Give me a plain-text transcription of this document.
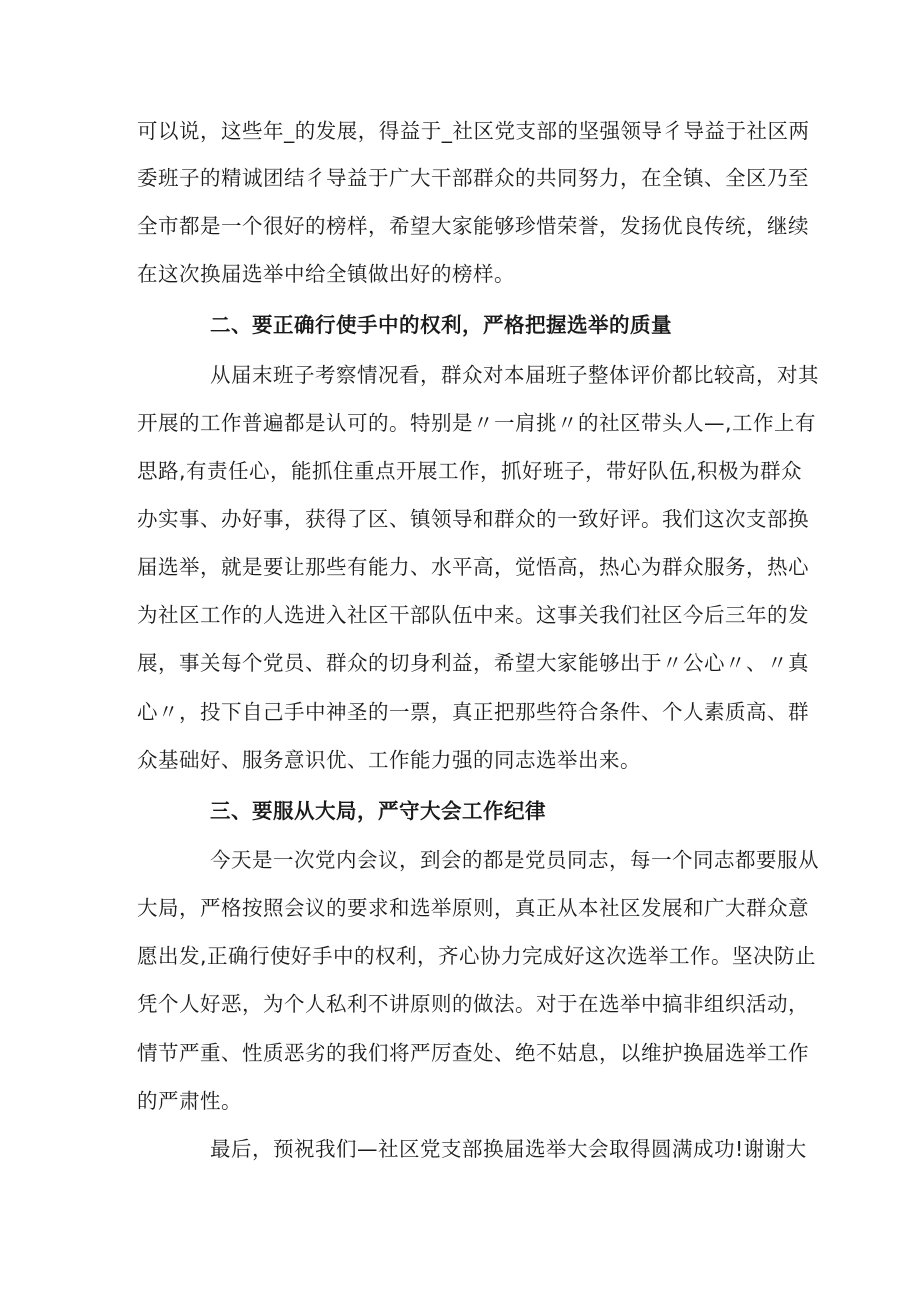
可以说，这些年_的发展，得益于_社区党支部的坚强领导彳导益于社区两
委班子的精诚团结彳导益于广大干部群众的共同努力，在全镇、全区乃至
全市都是一个很好的榜样，希望大家能够珍惜荣誉，发扬优良传统，继续
在这次换届选举中给全镇做出好的榜样。
二、要正确行使手中的权利，严格把握选举的质量
从届末班子考察情况看，群众对本届班子整体评价都比较高，对其
开展的工作普遍都是认可的。特别是〃一肩挑〃的社区带头人—,工作上有
思路,有责任心，能抓住重点开展工作，抓好班子，带好队伍,积极为群众
办实事、办好事，获得了区、镇领导和群众的一致好评。我们这次支部换
届选举，就是要让那些有能力、水平高，觉悟高，热心为群众服务，热心
为社区工作的人选进入社区干部队伍中来。这事关我们社区今后三年的发
展，事关每个党员、群众的切身利益，希望大家能够出于〃公心〃、〃真
心〃，投下自己手中神圣的一票，真正把那些符合条件、个人素质高、群
众基础好、服务意识优、工作能力强的同志选举出来。
三、要服从大局，严守大会工作纪律
今天是一次党内会议，到会的都是党员同志，每一个同志都要服从
大局，严格按照会议的要求和选举原则，真正从本社区发展和广大群众意
愿出发,正确行使好手中的权利，齐心协力完成好这次选举工作。坚决防止
凭个人好恶，为个人私利不讲原则的做法。对于在选举中搞非组织活动，
情节严重、性质恶劣的我们将严厉查处、绝不姑息，以维护换届选举工作
的严肃性。
最后，预祝我们—社区党支部换届选举大会取得圆满成功!谢谢大
